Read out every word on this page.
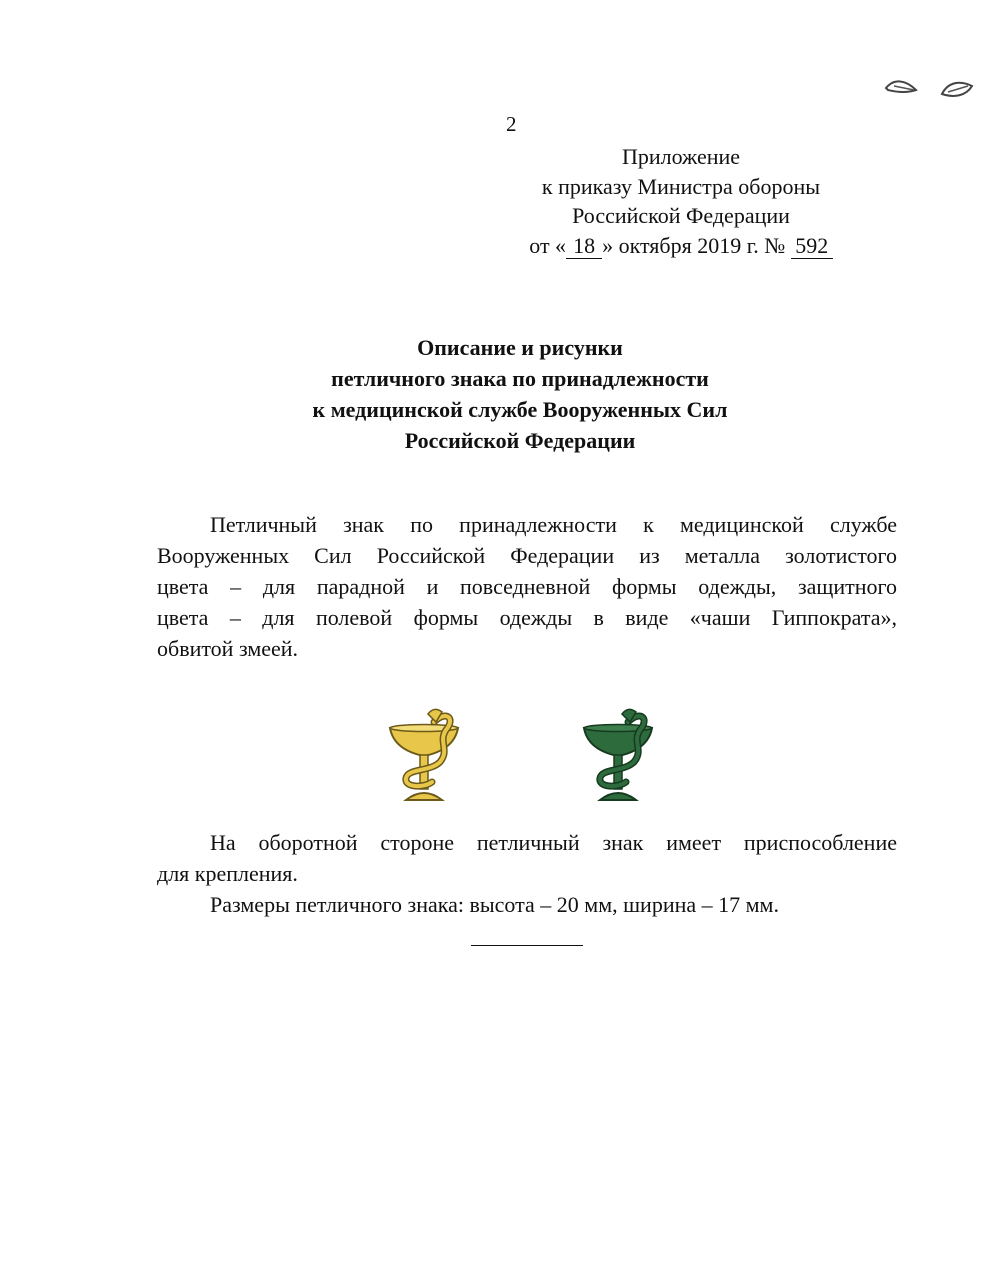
2
Приложение
к приказу Министра обороны
Российской Федерации
от « 18 » октября 2019 г. № 592
Описание и рисунки
петличного знака по принадлежности
к медицинской службе Вооруженных Сил
Российской Федерации
Петличный знак по принадлежности к медицинской службе
Вооруженных Сил Российской Федерации из металла золотистого
цвета – для парадной и повседневной формы одежды, защитного
цвета – для полевой формы одежды в виде «чаши Гиппократа»,
обвитой змеей.
На оборотной стороне петличный знак имеет приспособление
для крепления.
Размеры петличного знака: высота – 20 мм, ширина – 17 мм.
